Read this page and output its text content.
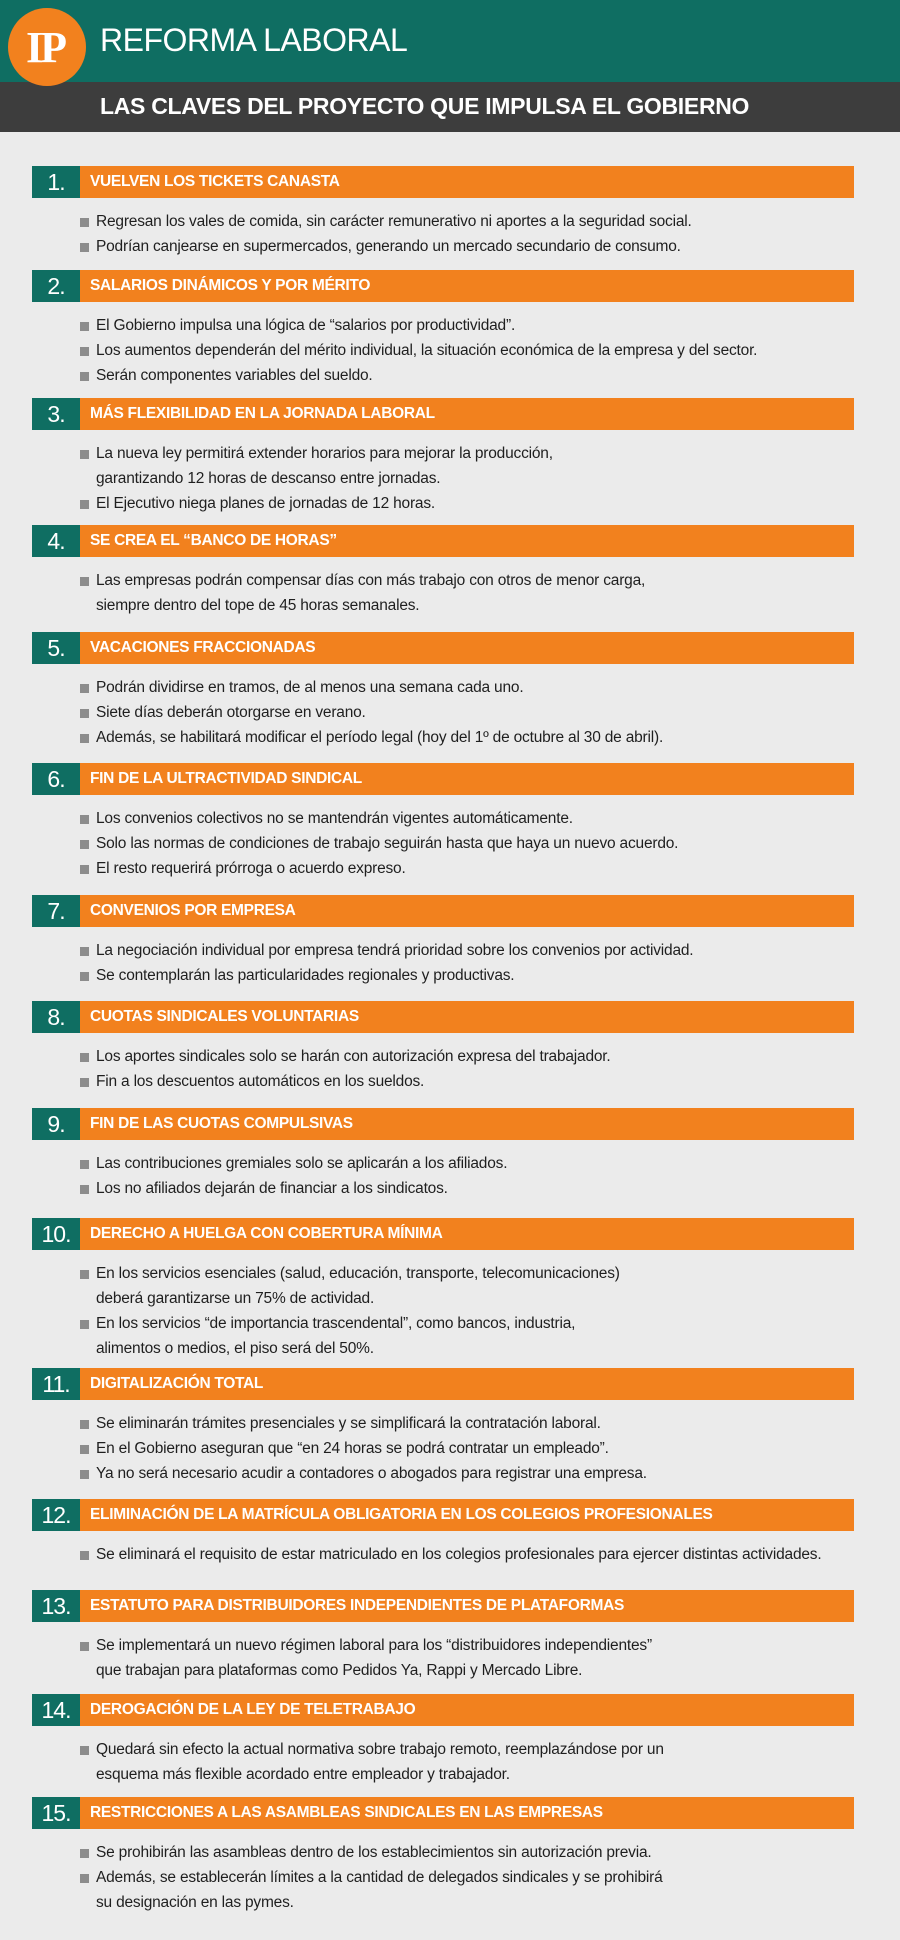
REFORMA LABORAL
IP
LAS CLAVES DEL PROYECTO QUE IMPULSA EL GOBIERNO
1.	VUELVEN LOS TICKETS CANASTA
Regresan los vales de comida, sin carácter remunerativo ni aportes a la seguridad social.
Podrían canjearse en supermercados, generando un mercado secundario de consumo.
2.	SALARIOS DINÁMICOS Y POR MÉRITO
El Gobierno impulsa una lógica de “salarios por productividad”.
Los aumentos dependerán del mérito individual, la situación económica de la empresa y del sector.
Serán componentes variables del sueldo.
3.	MÁS FLEXIBILIDAD EN LA JORNADA LABORAL
La nueva ley permitirá extender horarios para mejorar la producción,
garantizando 12 horas de descanso entre jornadas.
El Ejecutivo niega planes de jornadas de 12 horas.
4.	SE CREA EL “BANCO DE HORAS”
Las empresas podrán compensar días con más trabajo con otros de menor carga,
siempre dentro del tope de 45 horas semanales.
5.	VACACIONES FRACCIONADAS
Podrán dividirse en tramos, de al menos una semana cada uno.
Siete días deberán otorgarse en verano.
Además, se habilitará modificar el período legal (hoy del 1º de octubre al 30 de abril).
6.	FIN DE LA ULTRACTIVIDAD SINDICAL
Los convenios colectivos no se mantendrán vigentes automáticamente.
Solo las normas de condiciones de trabajo seguirán hasta que haya un nuevo acuerdo.
El resto requerirá prórroga o acuerdo expreso.
7.	CONVENIOS POR EMPRESA
La negociación individual por empresa tendrá prioridad sobre los convenios por actividad.
Se contemplarán las particularidades regionales y productivas.
8.	CUOTAS SINDICALES VOLUNTARIAS
Los aportes sindicales solo se harán con autorización expresa del trabajador.
Fin a los descuentos automáticos en los sueldos.
9.	FIN DE LAS CUOTAS COMPULSIVAS
Las contribuciones gremiales solo se aplicarán a los afiliados.
Los no afiliados dejarán de financiar a los sindicatos.
10.	DERECHO A HUELGA CON COBERTURA MÍNIMA
En los servicios esenciales (salud, educación, transporte, telecomunicaciones)
deberá garantizarse un 75% de actividad.
En los servicios “de importancia trascendental”, como bancos, industria,
alimentos o medios, el piso será del 50%.
11.	DIGITALIZACIÓN TOTAL
Se eliminarán trámites presenciales y se simplificará la contratación laboral.
En el Gobierno aseguran que “en 24 horas se podrá contratar un empleado”.
Ya no será necesario acudir a contadores o abogados para registrar una empresa.
12.	ELIMINACIÓN DE LA MATRÍCULA OBLIGATORIA EN LOS COLEGIOS PROFESIONALES
Se eliminará el requisito de estar matriculado en los colegios profesionales para ejercer distintas actividades.
13.	ESTATUTO PARA DISTRIBUIDORES INDEPENDIENTES DE PLATAFORMAS
Se implementará un nuevo régimen laboral para los “distribuidores independientes”
que trabajan para plataformas como Pedidos Ya, Rappi y Mercado Libre.
14.	DEROGACIÓN DE LA LEY DE TELETRABAJO
Quedará sin efecto la actual normativa sobre trabajo remoto, reemplazándose por un
esquema más flexible acordado entre empleador y trabajador.
15.	RESTRICCIONES A LAS ASAMBLEAS SINDICALES EN LAS EMPRESAS
Se prohibirán las asambleas dentro de los establecimientos sin autorización previa.
Además, se establecerán límites a la cantidad de delegados sindicales y se prohibirá
su designación en las pymes.
